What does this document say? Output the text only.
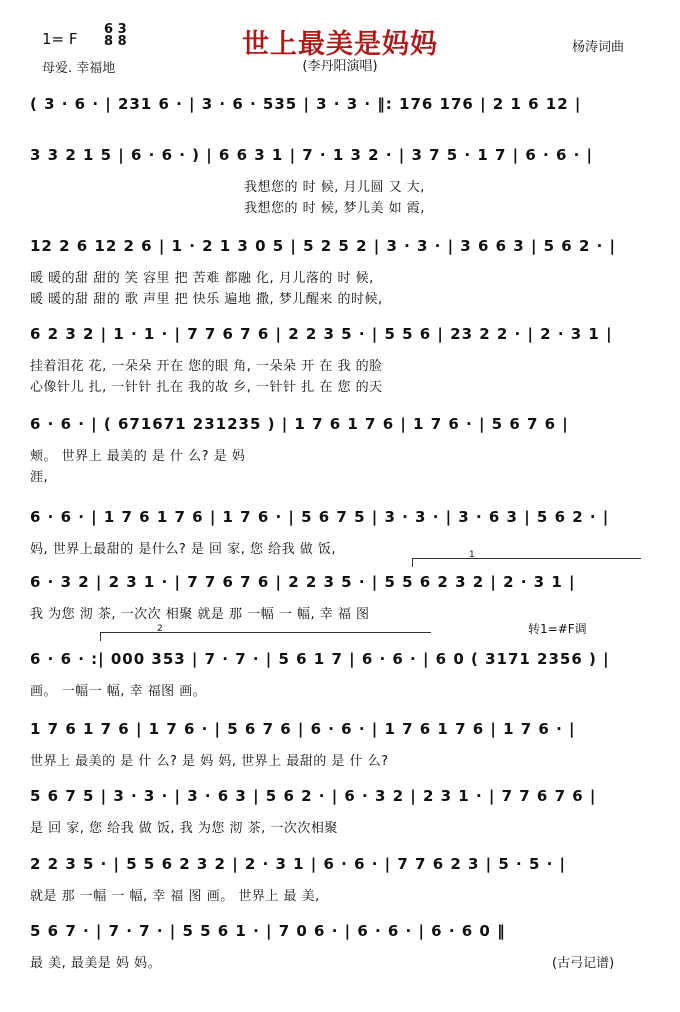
1= F
6 3
8 8	世上最美是妈妈
(李丹阳演唱)
杨涛词曲
母爱. 幸福地
( 3 · 6 · | 231 6 · | 3 · 6 · 535 | 3 · 3 · ‖: 176 176 | 2 1 6 12 |
3 3 2 1 5 | 6 · 6 · ) | 6 6 3 1 | 7 · 1 3 2 · | 3 7 5 · 1 7 | 6 · 6 · |
我想您的 时 候, 月儿圆 又 大,
我想您的 时 候, 梦儿美 如 霞,
12 2 6 12 2 6 | 1 · 2 1 3 0 5 | 5 2 5 2 | 3 · 3 · | 3 6 6 3 | 5 6 2 · |
暖 暖的甜 甜的 笑 容里 把 苦难 都融 化, 月儿落的 时 候,
暖 暖的甜 甜的 歌 声里 把 快乐 遍地 撒, 梦儿醒来 的时候,
6 2 3 2 | 1 · 1 · | 7 7 6 7 6 | 2 2 3 5 · | 5 5 6 | 23 2 2 · | 2 · 3 1 |
挂着泪花 花, 一朵朵 开在 您的眼 角, 一朵朵 开 在 我 的脸
心像针儿 扎, 一针针 扎在 我的故 乡, 一针针 扎 在 您 的天
6 · 6 · | ( 671671 231235 ) | 1 7 6 1 7 6 | 1 7 6 · | 5 6 7 6 |
颊。 世界上 最美的 是 什 么? 是 妈
涯,
6 · 6 · | 1 7 6 1 7 6 | 1 7 6 · | 5 6 7 5 | 3 · 3 · | 3 · 6 3 | 5 6 2 · |
妈, 世界上最甜的 是什么? 是 回 家, 您 给我 做 饭,	1
6 · 3 2 | 2 3 1 · | 7 7 6 7 6 | 2 2 3 5 · | 5 5 6 2 3 2 | 2 · 3 1 |
我 为您 沏 茶, 一次次 相聚 就是 那 一幅 一 幅, 幸 福 图
2	转1=#F调
6 · 6 · :| 000 353 | 7 · 7 · | 5 6 1 7 | 6 · 6 · | 6 0 ( 3171 2356 ) |
画。 一幅一 幅, 幸 福图 画。
1 7 6 1 7 6 | 1 7 6 · | 5 6 7 6 | 6 · 6 · | 1 7 6 1 7 6 | 1 7 6 · |
世界上 最美的 是 什 么? 是 妈 妈, 世界上 最甜的 是 什 么?
5 6 7 5 | 3 · 3 · | 3 · 6 3 | 5 6 2 · | 6 · 3 2 | 2 3 1 · | 7 7 6 7 6 |
是 回 家, 您 给我 做 饭, 我 为您 沏 茶, 一次次相聚
2 2 3 5 · | 5 5 6 2 3 2 | 2 · 3 1 | 6 · 6 · | 7 7 6 2 3 | 5 · 5 · |
就是 那 一幅 一 幅, 幸 福 图 画。 世界上 最 美,
5 6 7 · | 7 · 7 · | 5 5 6 1 · | 7 0 6 · | 6 · 6 · | 6 · 6 0 ‖
最 美, 最美是 妈 妈。	(古弓记谱)
